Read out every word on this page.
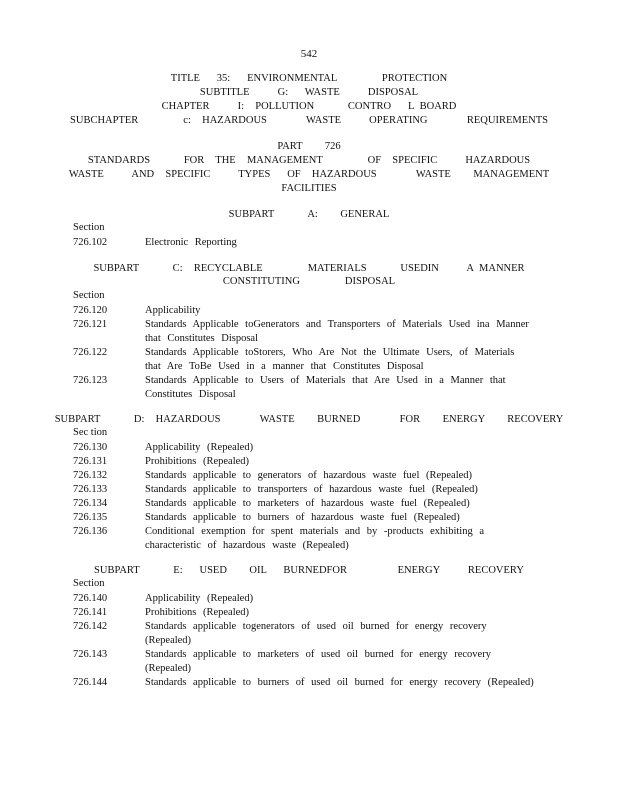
542
TITLE   35:   ENVIRONMENTAL        PROTECTION
SUBTITLE     G:   WASTE     DISPOSAL
CHAPTER     I:  POLLUTION      CONTRO   L BOARD
SUBCHAPTER        c:  HAZARDOUS       WASTE     OPERATING       REQUIREMENTS
PART    726
STANDARDS      FOR  THE  MANAGEMENT        OF  SPECIFIC     HAZARDOUS
WASTE     AND  SPECIFIC     TYPES   OF  HAZARDOUS       WASTE    MANAGEMENT
FACILITIES
SUBPART      A:    GENERAL
Section
726.102	Electronic Reporting
SUBPART      C:  RECYCLABLE        MATERIALS      USEDIN     A MANNER
CONSTITUTING        DISPOSAL
Section
726.120	Applicability
726.121	Standards Applicable toGenerators and Transporters of Materials Used ina Manner that Constitutes Disposal
726.122	Standards Applicable toStorers, Who Are Not the Ultimate Users, of Materials that Are ToBe Used in a manner that Constitutes Disposal
726.123	Standards Applicable to Users of Materials that Are Used in a Manner that Constitutes Disposal
SUBPART      D:  HAZARDOUS       WASTE    BURNED       FOR    ENERGY    RECOVERY
Sec tion
726.130	Applicability (Repealed)
726.131	Prohibitions (Repealed)
726.132	Standards applicable to generators of hazardous waste fuel (Repealed)
726.133	Standards applicable to transporters of hazardous waste fuel (Repealed)
726.134	Standards applicable to marketers of hazardous waste fuel (Repealed)
726.135	Standards applicable to burners of hazardous waste fuel (Repealed)
726.136	Conditional exemption for spent materials and by -products exhibiting a characteristic of hazardous waste (Repealed)
SUBPART      E:   USED    OIL   BURNEDFOR         ENERGY     RECOVERY
Section
726.140	Applicability (Repealed)
726.141	Prohibitions (Repealed)
726.142	Standards applicable togenerators of used oil burned for energy recovery (Repealed)
726.143	Standards applicable to marketers of used oil burned for energy recovery (Repealed)
726.144	Standards applicable to burners of used oil burned for energy recovery (Repealed)
